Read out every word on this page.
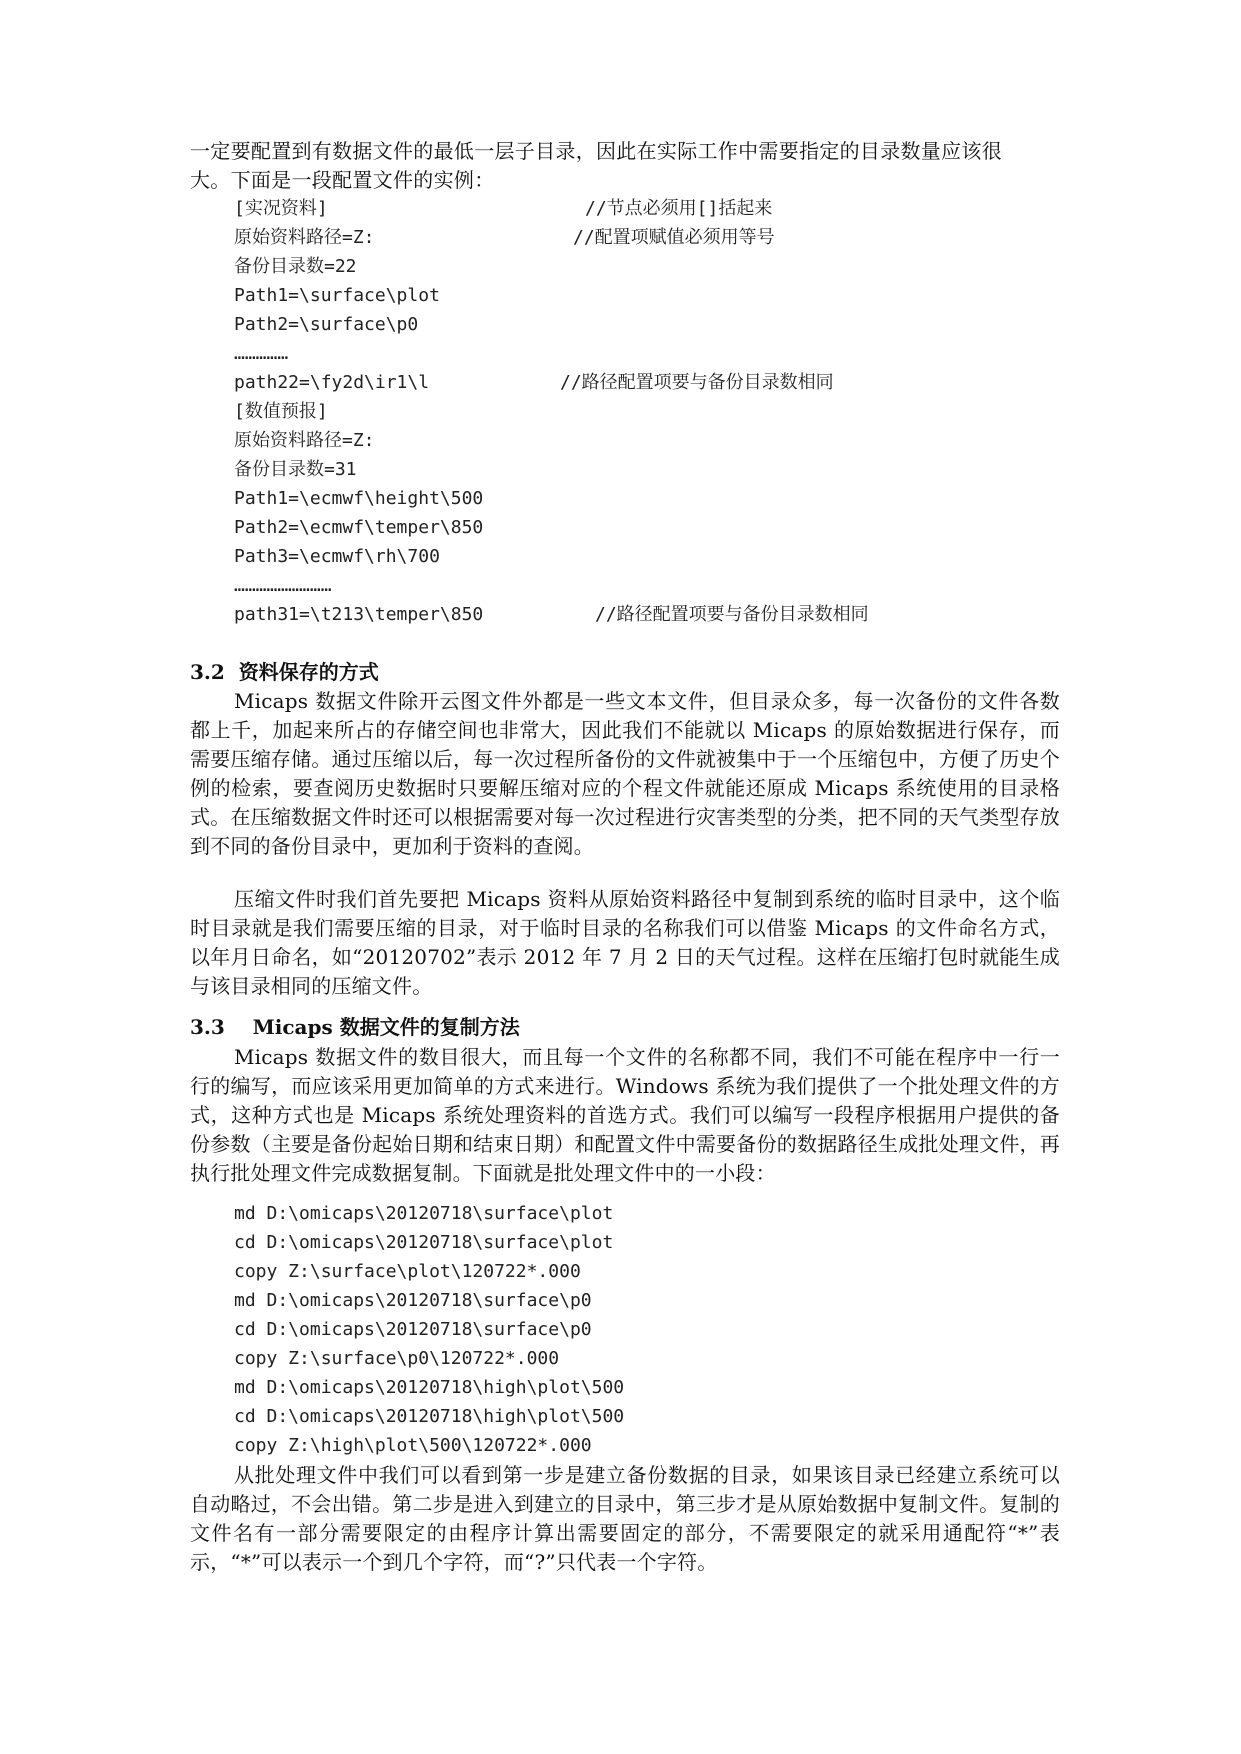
一定要配置到有数据文件的最低一层子目录，因此在实际工作中需要指定的目录数量应该很
大。下面是一段配置文件的实例：
[实况资料]	//节点必须用[]括起来
原始资料路径=Z:	//配置项赋值必须用等号
备份目录数=22
Path1=\surface\plot
Path2=\surface\p0
……………
path22=\fy2d\ir1\l	//路径配置项要与备份目录数相同
[数值预报]
原始资料路径=Z:
备份目录数=31
Path1=\ecmwf\height\500
Path2=\ecmwf\temper\850
Path3=\ecmwf\rh\700
………………………
path31=\t213\temper\850	//路径配置项要与备份目录数相同
3.2  资料保存的方式
Micaps 数据文件除开云图文件外都是一些文本文件，但目录众多，每一次备份的文件各数都上千，加起来所占的存储空间也非常大，因此我们不能就以 Micaps 的原始数据进行保存，而需要压缩存储。通过压缩以后，每一次过程所备份的文件就被集中于一个压缩包中，方便了历史个例的检索，要查阅历史数据时只要解压缩对应的个程文件就能还原成 Micaps 系统使用的目录格式。在压缩数据文件时还可以根据需要对每一次过程进行灾害类型的分类，把不同的天气类型存放到不同的备份目录中，更加利于资料的查阅。
压缩文件时我们首先要把 Micaps 资料从原始资料路径中复制到系统的临时目录中，这个临时目录就是我们需要压缩的目录，对于临时目录的名称我们可以借鉴 Micaps 的文件命名方式，以年月日命名，如“20120702”表示 2012 年 7 月 2 日的天气过程。这样在压缩打包时就能生成与该目录相同的压缩文件。
3.3    Micaps 数据文件的复制方法
Micaps 数据文件的数目很大，而且每一个文件的名称都不同，我们不可能在程序中一行一行的编写，而应该采用更加简单的方式来进行。Windows 系统为我们提供了一个批处理文件的方式，这种方式也是 Micaps 系统处理资料的首选方式。我们可以编写一段程序根据用户提供的备份参数（主要是备份起始日期和结束日期）和配置文件中需要备份的数据路径生成批处理文件，再执行批处理文件完成数据复制。下面就是批处理文件中的一小段：
md D:\omicaps\20120718\surface\plot
cd D:\omicaps\20120718\surface\plot
copy Z:\surface\plot\120722*.000
md D:\omicaps\20120718\surface\p0
cd D:\omicaps\20120718\surface\p0
copy Z:\surface\p0\120722*.000
md D:\omicaps\20120718\high\plot\500
cd D:\omicaps\20120718\high\plot\500
copy Z:\high\plot\500\120722*.000
从批处理文件中我们可以看到第一步是建立备份数据的目录，如果该目录已经建立系统可以自动略过，不会出错。第二步是进入到建立的目录中，第三步才是从原始数据中复制文件。复制的文件名有一部分需要限定的由程序计算出需要固定的部分，不需要限定的就采用通配符“*”表示，“*”可以表示一个到几个字符，而“?”只代表一个字符。
